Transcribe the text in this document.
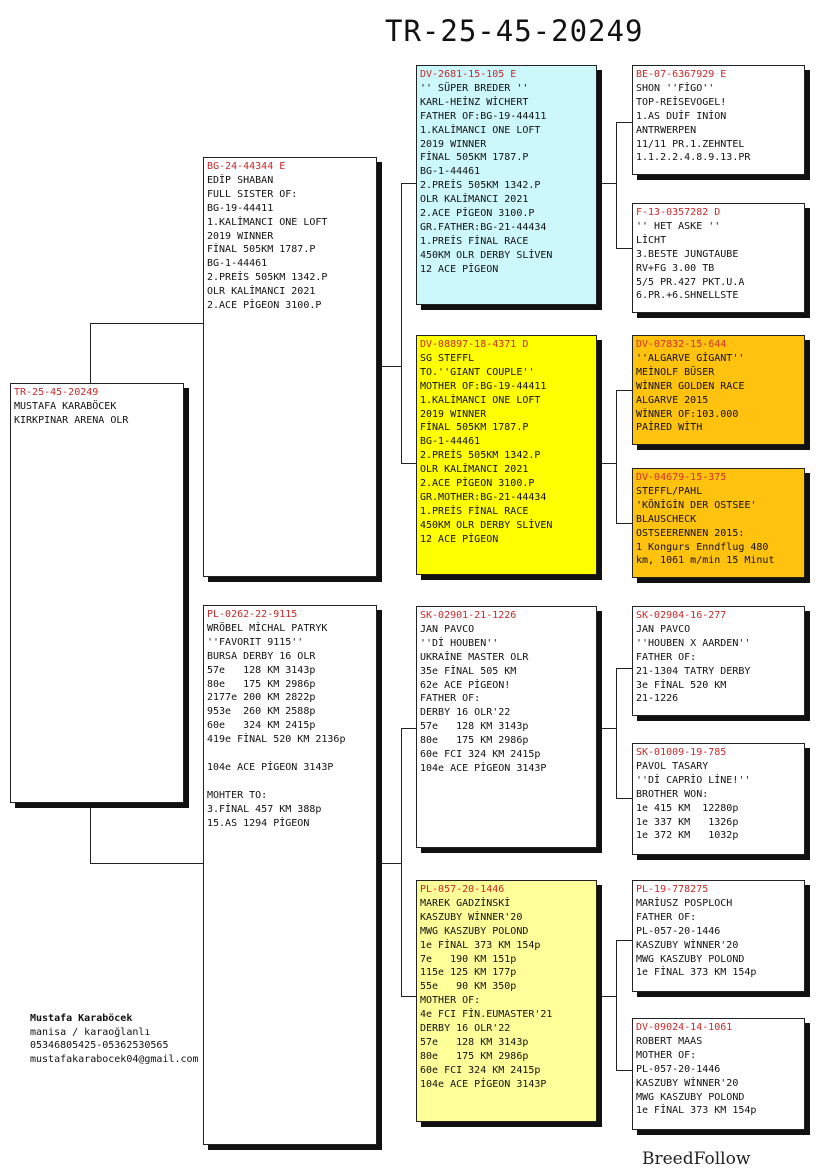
TR-25-45-20249
TR-25-45-20249
MUSTAFA KARABÖCEK
KIRKPINAR ARENA OLR
BG-24-44344 E
EDİP SHABAN
FULL SISTER OF:
BG-19-44411
1.KALİMANCI ONE LOFT
2019 WINNER
FİNAL 505KM 1787.P
BG-1-44461
2.PREİS 505KM 1342.P
OLR KALİMANCI 2021
2.ACE PİGEON 3100.P
PL-0262-22-9115
WRÖBEL MİCHAL PATRYK
''FAVORIT 9115''
BURSA DERBY 16 OLR
57e   128 KM 3143p
80e   175 KM 2986p
2177e 200 KM 2822p
953e  260 KM 2588p
60e   324 KM 2415p
419e FİNAL 520 KM 2136p

104e ACE PİGEON 3143P

MOHTER TO:
3.FİNAL 457 KM 388p
15.AS 1294 PİGEON
DV-2681-15-105 E
'' SÜPER BREDER ''
KARL-HEİNZ WİCHERT
FATHER OF:BG-19-44411
1.KALİMANCI ONE LOFT
2019 WINNER
FİNAL 505KM 1787.P
BG-1-44461
2.PREİS 505KM 1342.P
OLR KALİMANCI 2021
2.ACE PİGEON 3100.P
GR.FATHER:BG-21-44434
1.PREİS FİNAL RACE
450KM OLR DERBY SLİVEN
12 ACE PİGEON
DV-08897-18-4371 D
SG STEFFL
TO.''GIANT COUPLE''
MOTHER OF:BG-19-44411
1.KALİMANCI ONE LOFT
2019 WINNER
FİNAL 505KM 1787.P
BG-1-44461
2.PREİS 505KM 1342.P
OLR KALİMANCI 2021
2.ACE PİGEON 3100.P
GR.MOTHER:BG-21-44434
1.PREİS FİNAL RACE
450KM OLR DERBY SLİVEN
12 ACE PİGEON
SK-02901-21-1226
JAN PAVCO
''Dİ HOUBEN''
UKRAİNE MASTER OLR
35e FİNAL 505 KM
62e ACE PİGEON!
FATHER OF:
DERBY 16 OLR'22
57e   128 KM 3143p
80e   175 KM 2986p
60e FCI 324 KM 2415p
104e ACE PİGEON 3143P
PL-057-20-1446
MAREK GADZİNSKİ
KASZUBY WİNNER'20
MWG KASZUBY POLOND
1e FİNAL 373 KM 154p
7e   190 KM 151p
115e 125 KM 177p
55e   90 KM 350p
MOTHER OF:
4e FCI FİN.EUMASTER'21
DERBY 16 OLR'22
57e   128 KM 3143p
80e   175 KM 2986p
60e FCI 324 KM 2415p
104e ACE PİGEON 3143P
BE-07-6367929 E
SHON ''FİGO''
TOP-REİSEVOGEL!
1.AS DUİF INİON
ANTRWERPEN
11/11 PR.1.ZEHNTEL
1.1.2.2.4.8.9.13.PR
F-13-0357282 D
'' HET ASKE ''
LİCHT
3.BESTE JUNGTAUBE
RV+FG 3.00 TB
5/5 PR.427 PKT.U.A
6.PR.+6.SHNELLSTE
DV-07832-15-644
''ALGARVE GİGANT''
MEİNOLF BÜSER
WİNNER GOLDEN RACE
ALGARVE 2015
WİNNER OF:103.000
PAİRED WİTH
DV-04679-15-375
STEFFL/PAHL
'KÖNİGİN DER OSTSEE'
BLAUSCHECK
OSTSEERENNEN 2015:
1 Kongurs Enndflug 480
km, 1061 m/min 15 Minut
SK-02904-16-277
JAN PAVCO
''HOUBEN X AARDEN''
FATHER OF:
21-1304 TATRY DERBY
3e FİNAL 520 KM
21-1226
SK-01009-19-785
PAVOL TASARY
''Dİ CAPRİO LİNE!''
BROTHER WON:
1e 415 KM  12280p
1e 337 KM   1326p
1e 372 KM   1032p
PL-19-778275
MARİUSZ POSPLOCH
FATHER OF:
PL-057-20-1446
KASZUBY WİNNER'20
MWG KASZUBY POLOND
1e FİNAL 373 KM 154p
DV-09024-14-1061
ROBERT MAAS
MOTHER OF:
PL-057-20-1446
KASZUBY WİNNER'20
MWG KASZUBY POLOND
1e FİNAL 373 KM 154p
Mustafa Karaböcek
manisa / karaoğlanlı
05346805425-05362530565
mustafakarabocek04@gmail.com
BreedFollow
